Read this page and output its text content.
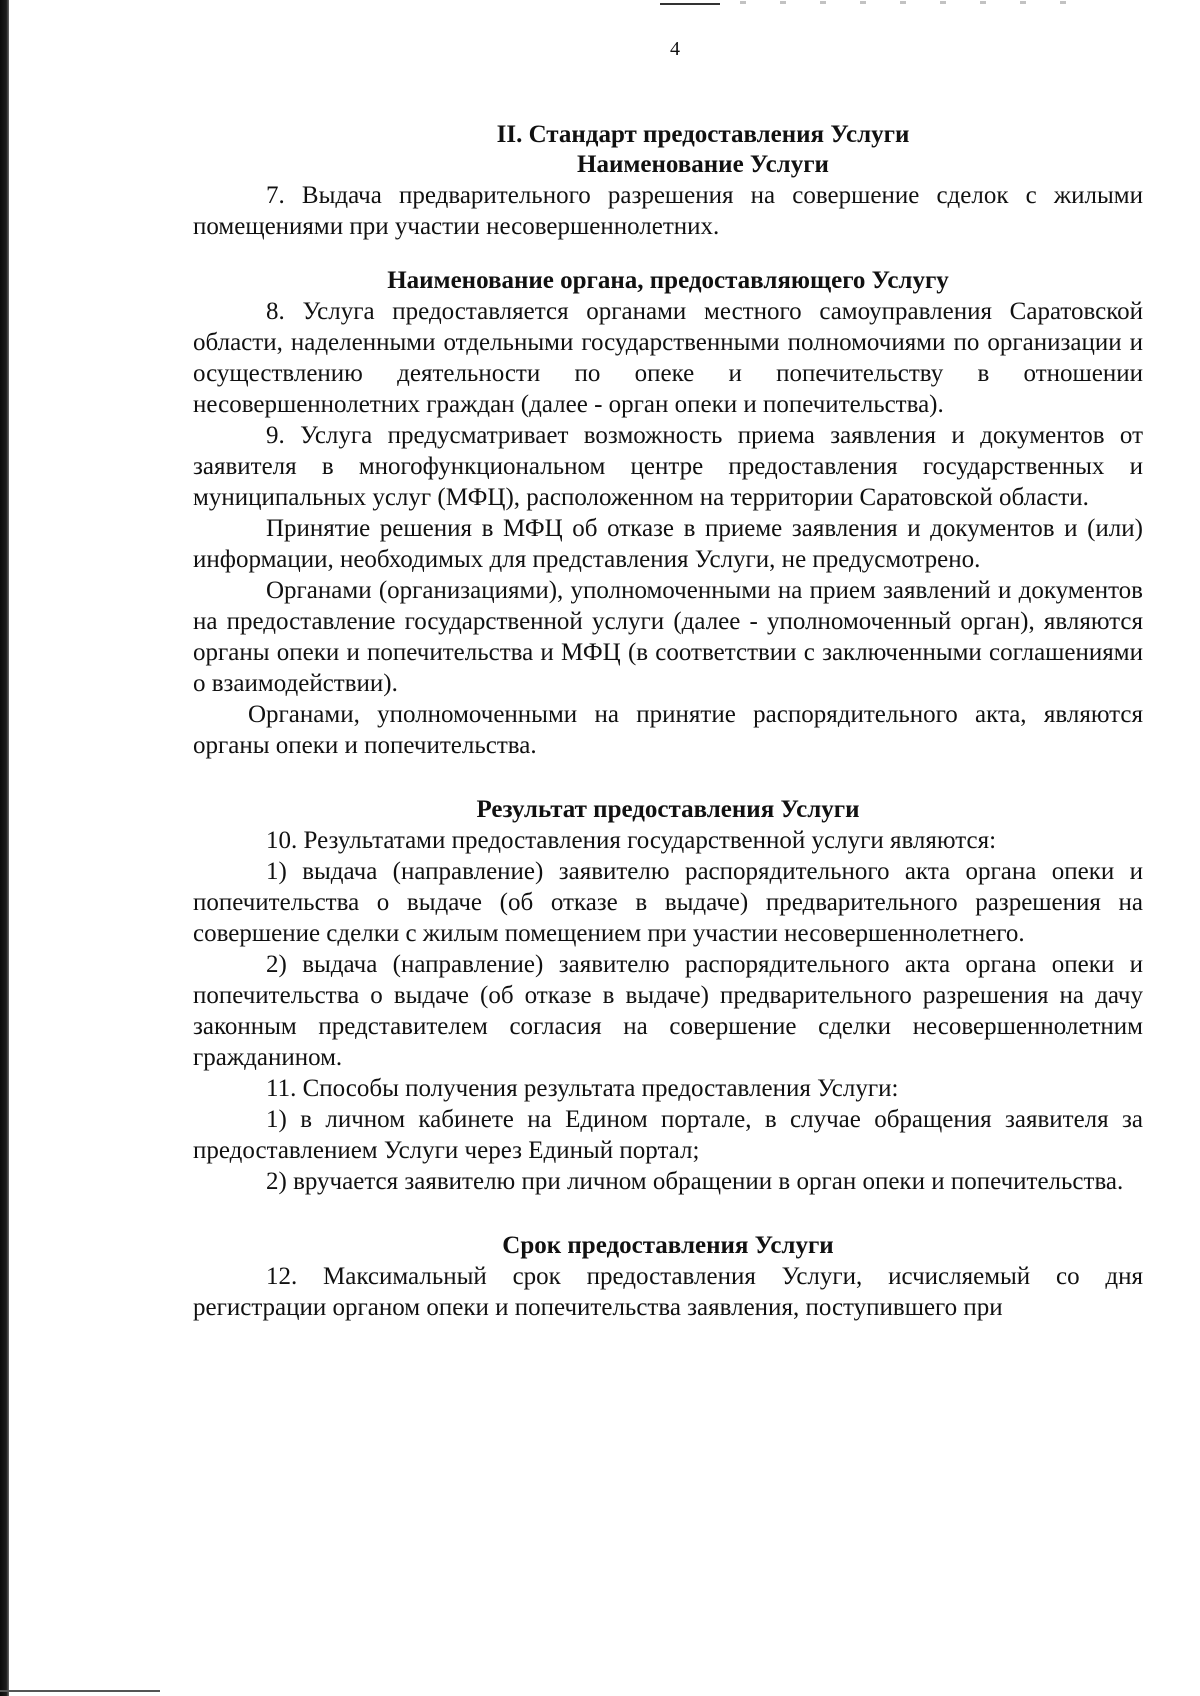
4
II. Стандарт предоставления Услуги
Наименование Услуги

7. Выдача предварительного разрешения на совершение сделок с жилыми помещениями при участии несовершеннолетних.

Наименование органа, предоставляющего Услугу

8. Услуга предоставляется органами местного самоуправления Саратовской области, наделенными отдельными государственными полномочиями по организации и осуществлению деятельности по опеке и попечительству в отношении несовершеннолетних граждан (далее - орган опеки и попечительства).

9. Услуга предусматривает возможность приема заявления и документов от заявителя в многофункциональном центре предоставления государственных и муниципальных услуг (МФЦ), расположенном на территории Саратовской области.

Принятие решения в МФЦ об отказе в приеме заявления и документов и (или) информации, необходимых для представления Услуги, не предусмотрено.

Органами (организациями), уполномоченными на прием заявлений и документов на предоставление государственной услуги (далее - уполномоченный орган), являются органы опеки и попечительства и МФЦ (в соответствии с заключенными соглашениями о взаимодействии).

Органами, уполномоченными на принятие распорядительного акта, являются органы опеки и попечительства.

Результат предоставления Услуги

10. Результатами предоставления государственной услуги являются:

1) выдача (направление) заявителю распорядительного акта органа опеки и попечительства о выдаче (об отказе в выдаче) предварительного разрешения на совершение сделки с жилым помещением при участии несовершеннолетнего.

2) выдача (направление) заявителю распорядительного акта органа опеки и попечительства о выдаче (об отказе в выдаче) предварительного разрешения на дачу законным представителем согласия на совершение сделки несовершеннолетним гражданином.

11. Способы получения результата предоставления Услуги:

1) в личном кабинете на Едином портале, в случае обращения заявителя за предоставлением Услуги через Единый портал;

2) вручается заявителю при личном обращении в орган опеки и попечительства.

Срок предоставления Услуги

12. Максимальный срок предоставления Услуги, исчисляемый со дня регистрации органом опеки и попечительства заявления, поступившего при
